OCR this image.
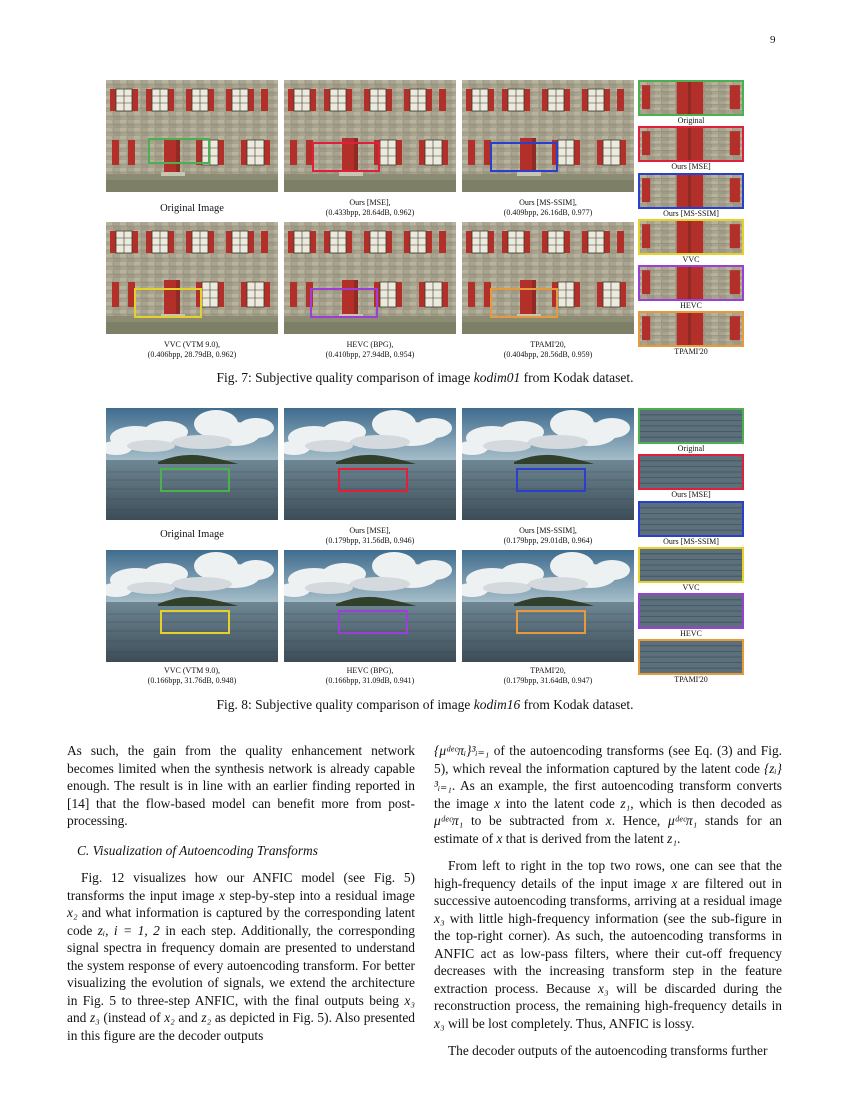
9
Original Image
Ours [MSE],
(0.433bpp, 28.64dB, 0.962)
Ours [MS-SSIM],
(0.409bpp, 26.16dB, 0.977)
VVC (VTM 9.0),
(0.406bpp, 28.79dB, 0.962)
HEVC (BPG),
(0.410bpp, 27.94dB, 0.954)
TPAMI'20,
(0.404bpp, 28.56dB, 0.959)
Original
Ours [MSE]
Ours [MS-SSIM]
VVC
HEVC
TPAMI'20
Fig. 7: Subjective quality comparison of image kodim01 from Kodak dataset.
Original Image	Ours [MSE],
(0.179bpp, 31.56dB, 0.946)
Ours [MS-SSIM],
(0.179bpp, 29.01dB, 0.964)
VVC (VTM 9.0),
(0.166bpp, 31.76dB, 0.948)
HEVC (BPG),
(0.166bpp, 31.09dB, 0.941)
TPAMI'20,
(0.179bpp, 31.64dB, 0.947)
Original
Ours [MSE]
Ours [MS-SSIM]
VVC
HEVC
TPAMI'20
Fig. 8: Subjective quality comparison of image kodim16 from Kodak dataset.

As such, the gain from the quality enhancement network becomes limited when the synthesis network is already capable enough. The result is in line with an earlier finding reported in [14] that the flow-based model can benefit more from post-processing.

C. Visualization of Autoencoding Transforms

Fig. 12 visualizes how our ANFIC model (see Fig. 5) transforms the input image x step-by-step into a residual image x₂ and what information is captured by the corresponding latent code zᵢ, i = 1, 2 in each step. Additionally, the corresponding signal spectra in frequency domain are presented to understand the system response of every autoencoding transform. For better visualizing the evolution of signals, we extend the architecture in Fig. 5 to three-step ANFIC, with the final outputs being x₃ and z₃ (instead of x₂ and z₂ as depicted in Fig. 5). Also presented in this figure are the decoder outputs

{μᵈᵉᶜπᵢ}³ᵢ₌₁ of the autoencoding transforms (see Eq. (3) and Fig. 5), which reveal the information captured by the latent code {zᵢ}³ᵢ₌₁. As an example, the first autoencoding transform converts the image x into the latent code z₁, which is then decoded as μᵈᵉᶜπ₁ to be subtracted from x. Hence, μᵈᵉᶜπ₁ stands for an estimate of x that is derived from the latent z₁.

From left to right in the top two rows, one can see that the high-frequency details of the input image x are filtered out in successive autoencoding transforms, arriving at a residual image x₃ with little high-frequency information (see the sub-figure in the top-right corner). As such, the autoencoding transforms in ANFIC act as low-pass filters, where their cut-off frequency decreases with the increasing transform step in the feature extraction process. Because x₃ will be discarded during the reconstruction process, the remaining high-frequency details in x₃ will be lost completely. Thus, ANFIC is lossy.

The decoder outputs of the autoencoding transforms further
